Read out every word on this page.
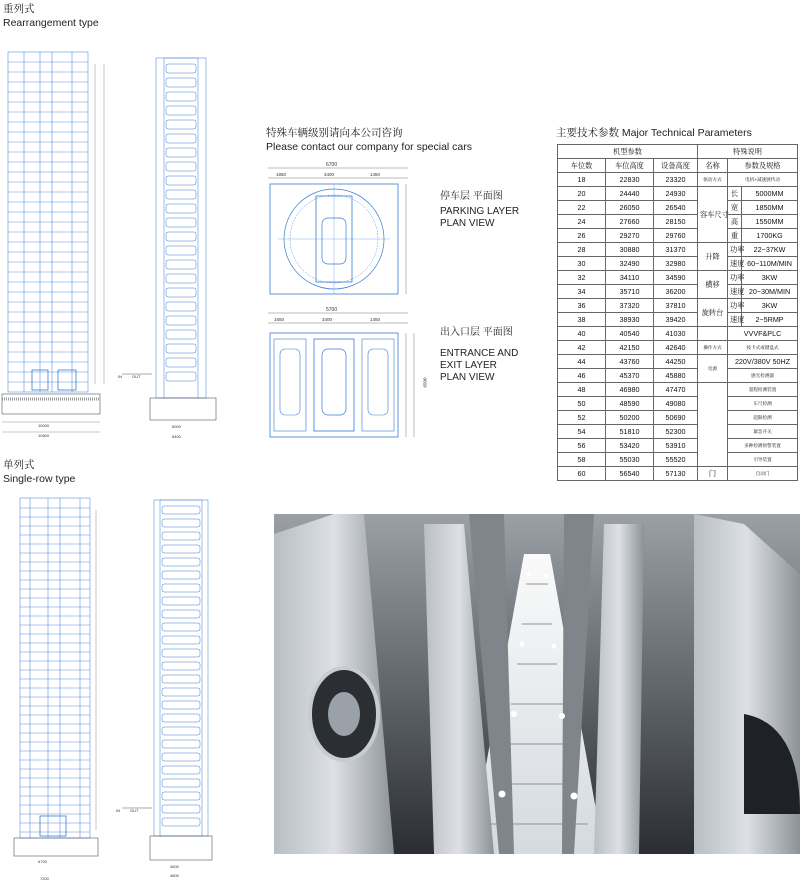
重列式
Rearrangement type
单列式
Single-row type
特殊车辆级别请向本公司咨询
Please contact our company for special cars
10000
10800
IN	OUT
6000
6400
6700
7200
IN	OUT
4600
4800
6700
1850	3400	1450
停车层 平面图
PARKING LAYER
PLAN VIEW
5700
1650	3400	1450
6500
出入口层 平面图
ENTRANCE AND
EXIT LAYER
PLAN VIEW
主要技术参数 Major Technical Parameters
机型参数			特殊说明		
车位数	车位高度	设备高度	名称	参数及规格	
18	22830	23320	驱动方式	电机+减速链传动	
20	24440	24930	容车尺寸	长	5000MM
22	26050	26540		宽	1850MM
24	27660	28150		高	1550MM
26	29270	29760		重	1700KG
28	30880	31370	升降	功率	22~37KW
30	32490	32980		速度	60~110M/MIN
32	34110	34590	横移	功率	3KW
34	35710	36200		速度	20~30M/MIN
36	37320	37810	旋转台	功率	3KW
38	38930	39420		速度	2~5RMP
40	40540	41030		VVVF&PLC	
42	42150	42640	操作方式	按卡式或键盘式	
44	43760	44250	电源	220V/380V 50HZ	
46	45370	45880		感光检测器	
48	46980	47470		超程检测装置	
50	48590	49080		车尺检测	
52	50200	50690		超限检测	
54	51810	52300		紧急开关	
56	53420	53910		多种检测预警装置	
58	55030	55520		引导装置	
60	56540	57130	门	自动门	
